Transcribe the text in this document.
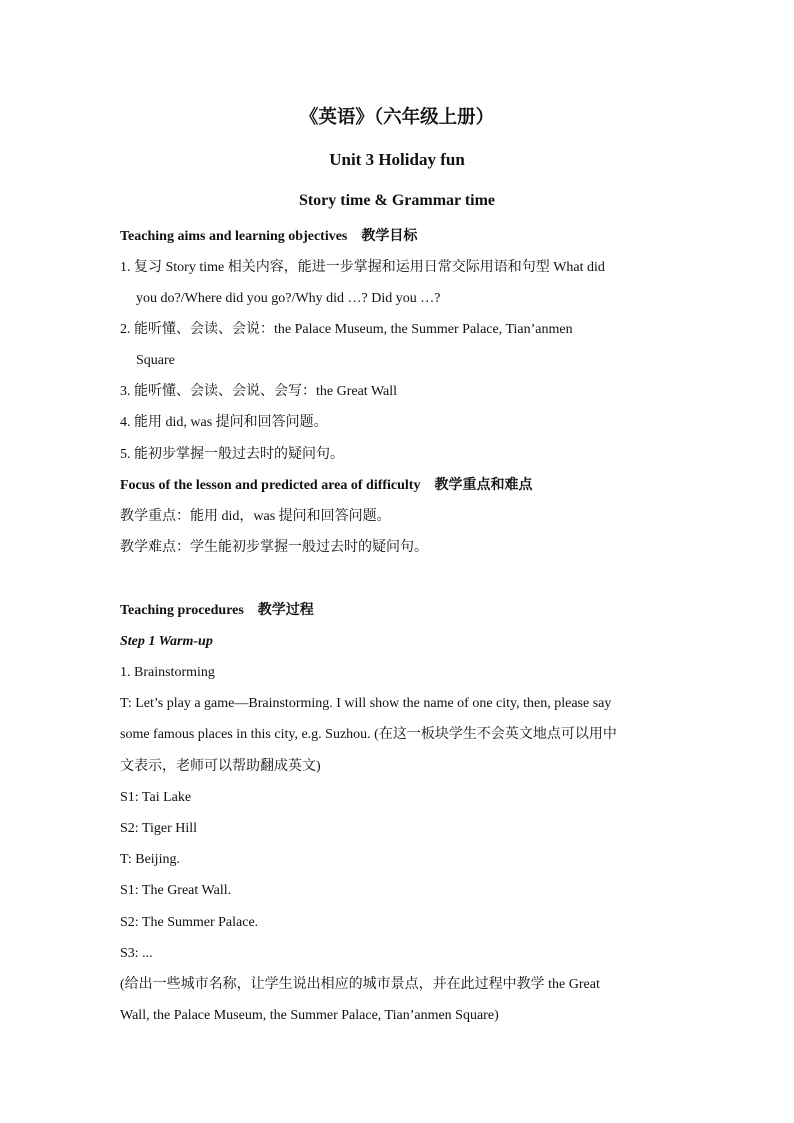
《英语》（六年级上册）
Unit 3 Holiday fun
Story time & Grammar time
Teaching aims and learning objectives　教学目标
1. 复习 Story time 相关内容，能进一步掌握和运用日常交际用语和句型 What did
you do?/Where did you go?/Why did …? Did you …?
2. 能听懂、会读、会说：the Palace Museum, the Summer Palace, Tian’anmen
Square
3. 能听懂、会读、会说、会写：the Great Wall
4. 能用 did, was 提问和回答问题。
5. 能初步掌握一般过去时的疑问句。
Focus of the lesson and predicted area of difficulty　教学重点和难点
教学重点：能用 did，was 提问和回答问题。
教学难点：学生能初步掌握一般过去时的疑问句。
Teaching procedures　教学过程
Step 1 Warm-up
1. Brainstorming
T: Let’s play a game—Brainstorming. I will show the name of one city, then, please say
some famous places in this city, e.g. Suzhou. (在这一板块学生不会英文地点可以用中
文表示，老师可以帮助翻成英文)
S1: Tai Lake
S2: Tiger Hill
T: Beijing.
S1: The Great Wall.
S2: The Summer Palace.
S3: ...
(给出一些城市名称，让学生说出相应的城市景点，并在此过程中教学 the Great
Wall, the Palace Museum, the Summer Palace, Tian’anmen Square)
